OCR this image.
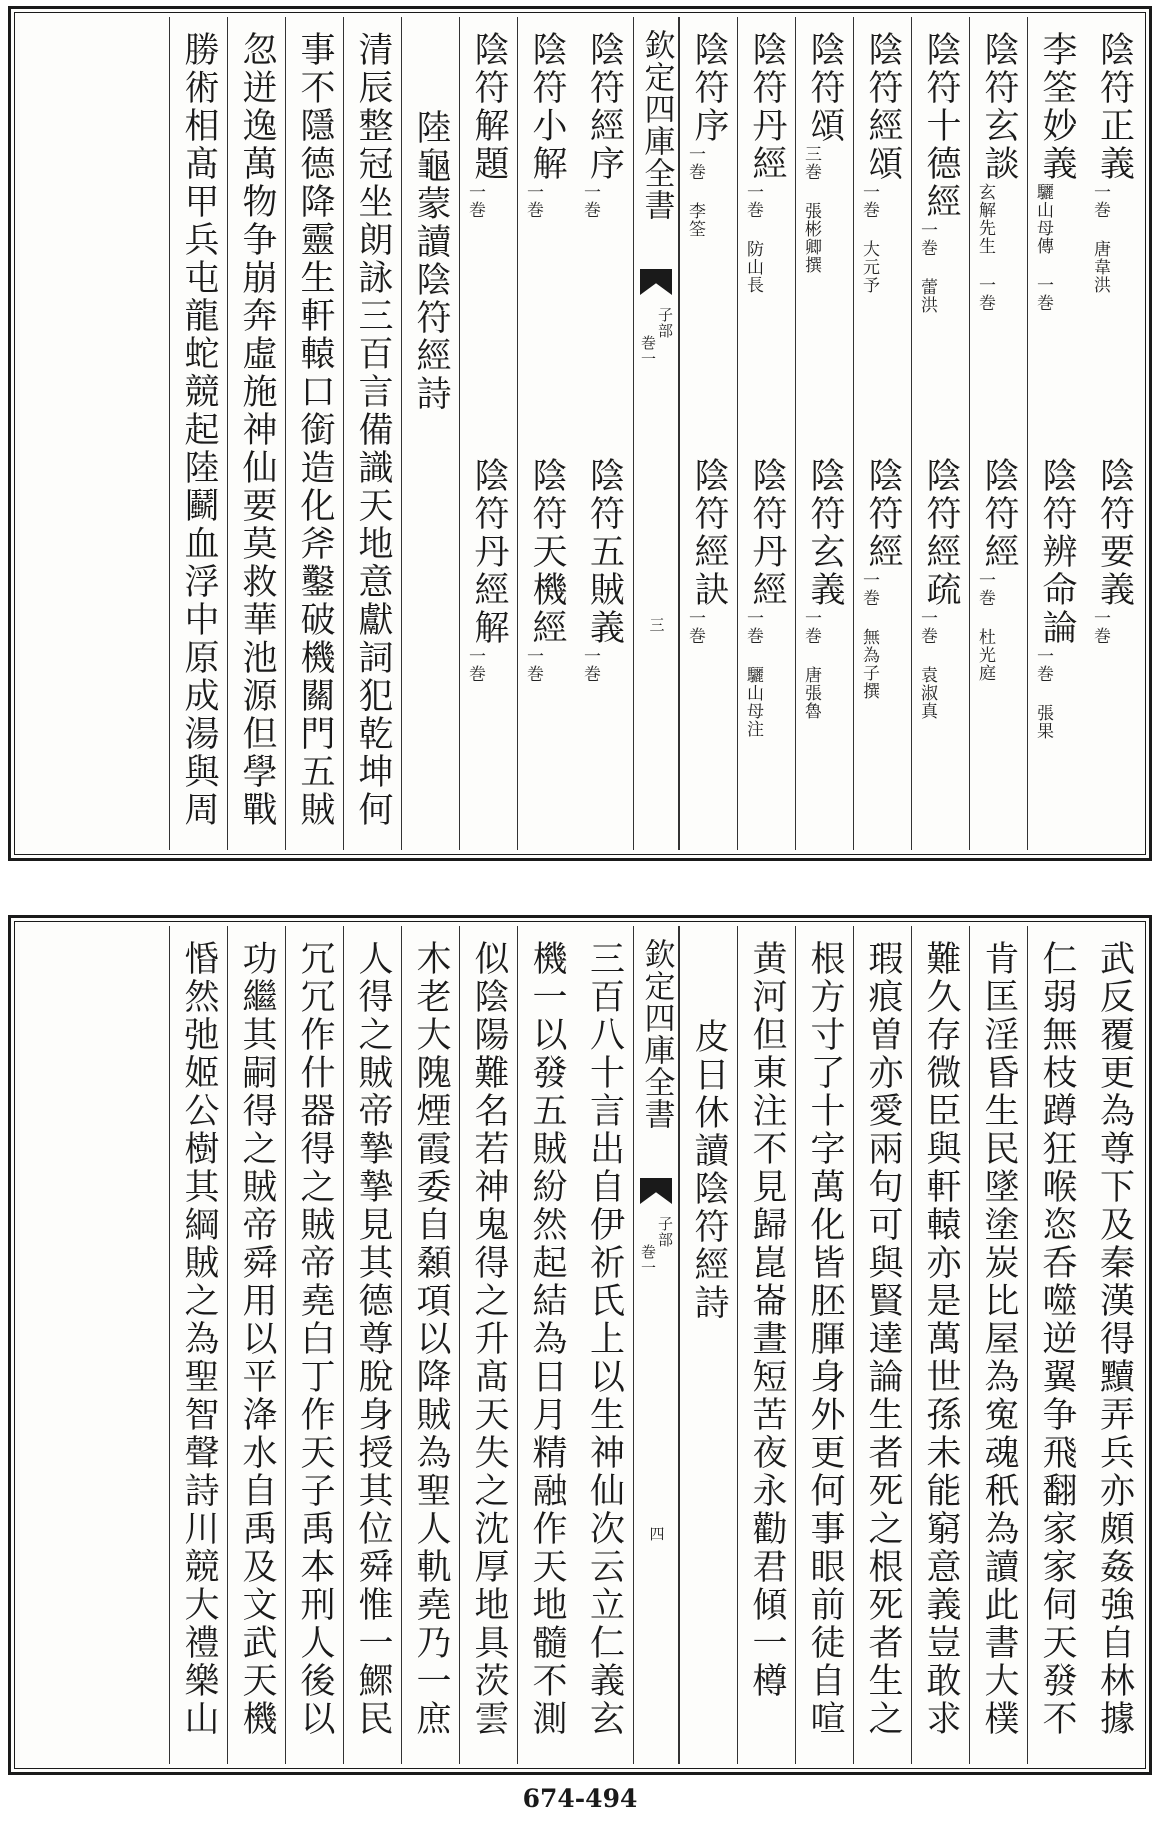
陰符正義
一巻 唐韋洪
陰符要義
一巻
李筌妙義
驪山母傳 一巻
陰符辨命論
一巻 張果
陰符玄談
玄解先生 一巻
陰符經
一巻 杜光庭
陰符十德經
一巻 蕾洪
陰符經疏
一巻 袁淑真
陰符經頌
一巻 大元予
陰符經
一巻 無為子撰
陰符頌
三巻 張彬卿撰
陰符玄義
一巻 唐張魯
陰符丹經
一巻 防山長
陰符丹經
一巻 驪山母注
陰符序
一巻 李筌
陰符經訣
一巻
欽定四庫全書
子部
巻一
三
陰符經序
一巻
陰符五賊義
一巻
陰符小解
一巻
陰符天機經
一巻
陰符解題
一巻
陰符丹經解
一巻
陸龜蒙讀陰符經詩
清辰整冠坐朗詠三百言備識天地意獻詞犯乾坤何
事不隱德降靈生軒轅口銜造化斧鑿破機關門五賊
忽迸逸萬物争崩奔虛施神仙要莫救華池源但學戰
勝術相髙甲兵屯龍蛇競起陸鬬血浮中原成湯與周
武反覆更為尊下及秦漢得黷弄兵亦頗姦強自林據
仁弱無枝蹲狂喉恣呑噬逆翼争飛翻家家伺天發不
肯匡淫昏生民墜塗炭比屋為寃魂秖為讀此書大樸
難久存微臣與軒轅亦是萬世孫未能窮意義豈敢求
瑕痕曽亦愛兩句可與賢達論生者死之根死者生之
根方寸了十字萬化皆胚腪身外更何事眼前徒自喧
黄河但東注不見歸崑崙晝短苦夜永勸君傾一樽
皮日休讀陰符經詩
欽定四庫全書
子部
巻一
四
三百八十言出自伊祈氏上以生神仙次云立仁義玄
機一以發五賊紛然起結為日月精融作天地髓不測
似陰陽難名若神鬼得之升髙天失之沈厚地具茨雲
木老大隗煙霞委自顙項以降賊為聖人軌堯乃一庶
人得之賊帝摯摯見其德尊脫身授其位舜惟一鰥民
冗冗作什器得之賊帝堯白丁作天子禹本刑人後以
功繼其嗣得之賊帝舜用以平洚水自禹及文武天機
惛然弛姬公樹其綱賊之為聖智聲詩川競大禮樂山
674-494
